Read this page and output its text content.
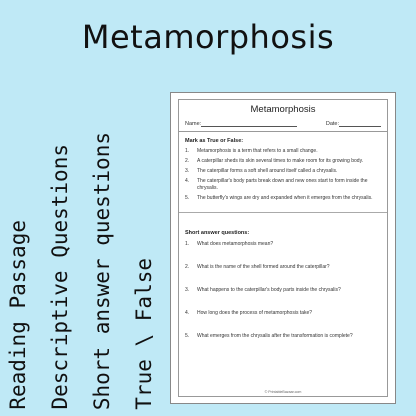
Metamorphosis
Reading Passage Descriptive Questions Short answer questions True \ False
Metamorphosis
Name:	Date:
Mark as True or False:
1.	Metamorphosis is a term that refers to a small change.
2.	A caterpillar sheds its skin several times to make room for its growing body.
3.	The caterpillar forms a soft shell around itself called a chrysalis.
4.	The caterpillar's body parts break down and new ones start to form inside the chrysalis.
5.	The butterfly's wings are dry and expanded when it emerges from the chrysalis.
Short answer questions:
1.	What does metamorphosis mean?
2.	What is the name of the shell formed around the caterpillar?
3.	What happens to the caterpillar's body parts inside the chrysalis?
4.	How long does the process of metamorphosis take?
5.	What emerges from the chrysalis after the transformation is complete?
© PrintableBazaar.com
